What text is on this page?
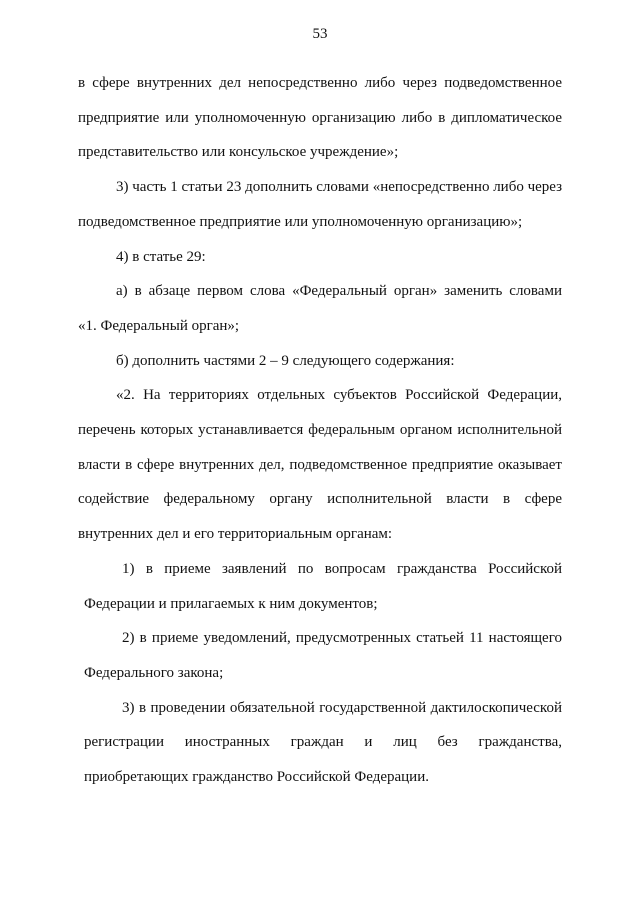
53
в сфере внутренних дел непосредственно либо через подведомственное
предприятие или уполномоченную организацию либо в дипломатическое
представительство или консульское учреждение»;
3) часть 1 статьи 23 дополнить словами «непосредственно либо через
подведомственное предприятие или уполномоченную организацию»;
4) в статье 29:
а) в абзаце первом слова «Федеральный орган» заменить словами
«1. Федеральный орган»;
б) дополнить частями 2 – 9 следующего содержания:
«2. На территориях отдельных субъектов Российской Федерации,
перечень которых устанавливается федеральным органом исполнительной
власти в сфере внутренних дел, подведомственное предприятие оказывает
содействие федеральному органу исполнительной власти в сфере
внутренних дел и его территориальным органам:
1) в приеме заявлений по вопросам гражданства Российской
Федерации и прилагаемых к ним документов;
2) в приеме уведомлений, предусмотренных статьей 11 настоящего
Федерального закона;
3) в проведении обязательной государственной дактилоскопической
регистрации иностранных граждан и лиц без гражданства,
приобретающих гражданство Российской Федерации.
